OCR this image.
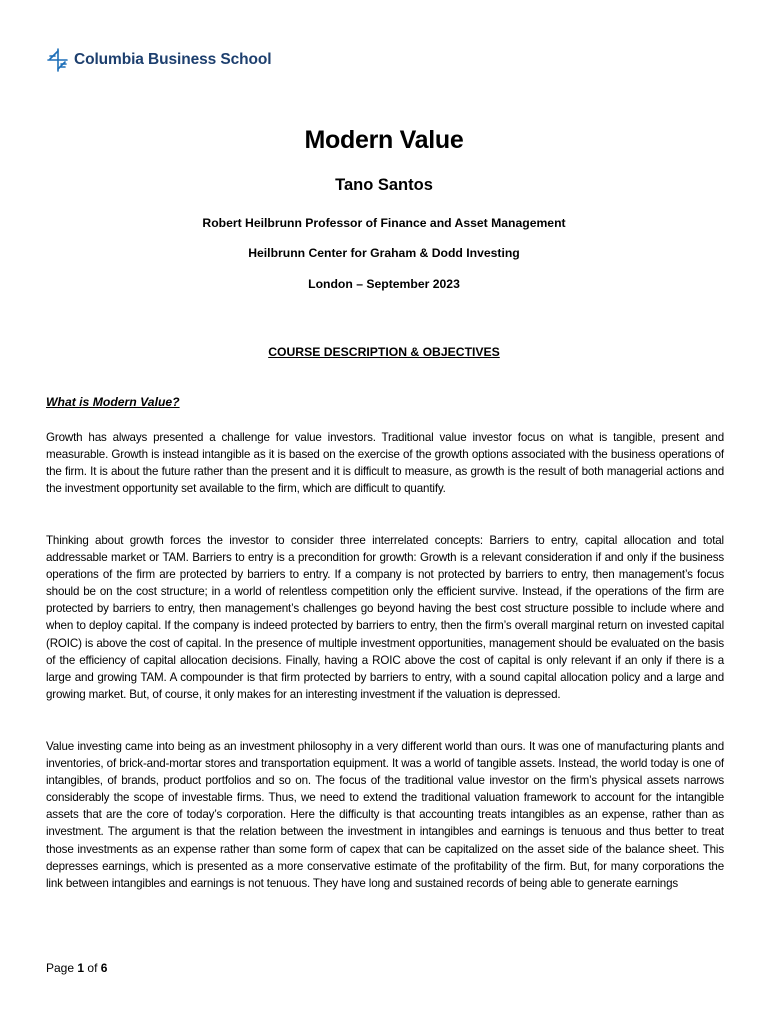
Columbia Business School
Modern Value
Tano Santos
Robert Heilbrunn Professor of Finance and Asset Management
Heilbrunn Center for Graham & Dodd Investing
London – September 2023
COURSE DESCRIPTION & OBJECTIVES
What is Modern Value?

Growth has always presented a challenge for value investors. Traditional value investor focus on what is tangible, present and measurable. Growth is instead intangible as it is based on the exercise of the growth options associated with the business operations of the firm. It is about the future rather than the present and it is difficult to measure, as growth is the result of both managerial actions and the investment opportunity set available to the firm, which are difficult to quantify.

Thinking about growth forces the investor to consider three interrelated concepts: Barriers to entry, capital allocation and total addressable market or TAM. Barriers to entry is a precondition for growth: Growth is a relevant consideration if and only if the business operations of the firm are protected by barriers to entry. If a company is not protected by barriers to entry, then management’s focus should be on the cost structure; in a world of relentless competition only the efficient survive. Instead, if the operations of the firm are protected by barriers to entry, then management’s challenges go beyond having the best cost structure possible to include where and when to deploy capital. If the company is indeed protected by barriers to entry, then the firm’s overall marginal return on invested capital (ROIC) is above the cost of capital. In the presence of multiple investment opportunities, management should be evaluated on the basis of the efficiency of capital allocation decisions. Finally, having a ROIC above the cost of capital is only relevant if an only if there is a large and growing TAM. A compounder is that firm protected by barriers to entry, with a sound capital allocation policy and a large and growing market. But, of course, it only makes for an interesting investment if the valuation is depressed.

Value investing came into being as an investment philosophy in a very different world than ours. It was one of manufacturing plants and inventories, of brick-and-mortar stores and transportation equipment. It was a world of tangible assets. Instead, the world today is one of intangibles, of brands, product portfolios and so on. The focus of the traditional value investor on the firm’s physical assets narrows considerably the scope of investable firms. Thus, we need to extend the traditional valuation framework to account for the intangible assets that are the core of today’s corporation. Here the difficulty is that accounting treats intangibles as an expense, rather than as investment. The argument is that the relation between the investment in intangibles and earnings is tenuous and thus better to treat those investments as an expense rather than some form of capex that can be capitalized on the asset side of the balance sheet. This depresses earnings, which is presented as a more conservative estimate of the profitability of the firm. But, for many corporations the link between intangibles and earnings is not tenuous. They have long and sustained records of being able to generate earnings

Page 1 of 6
